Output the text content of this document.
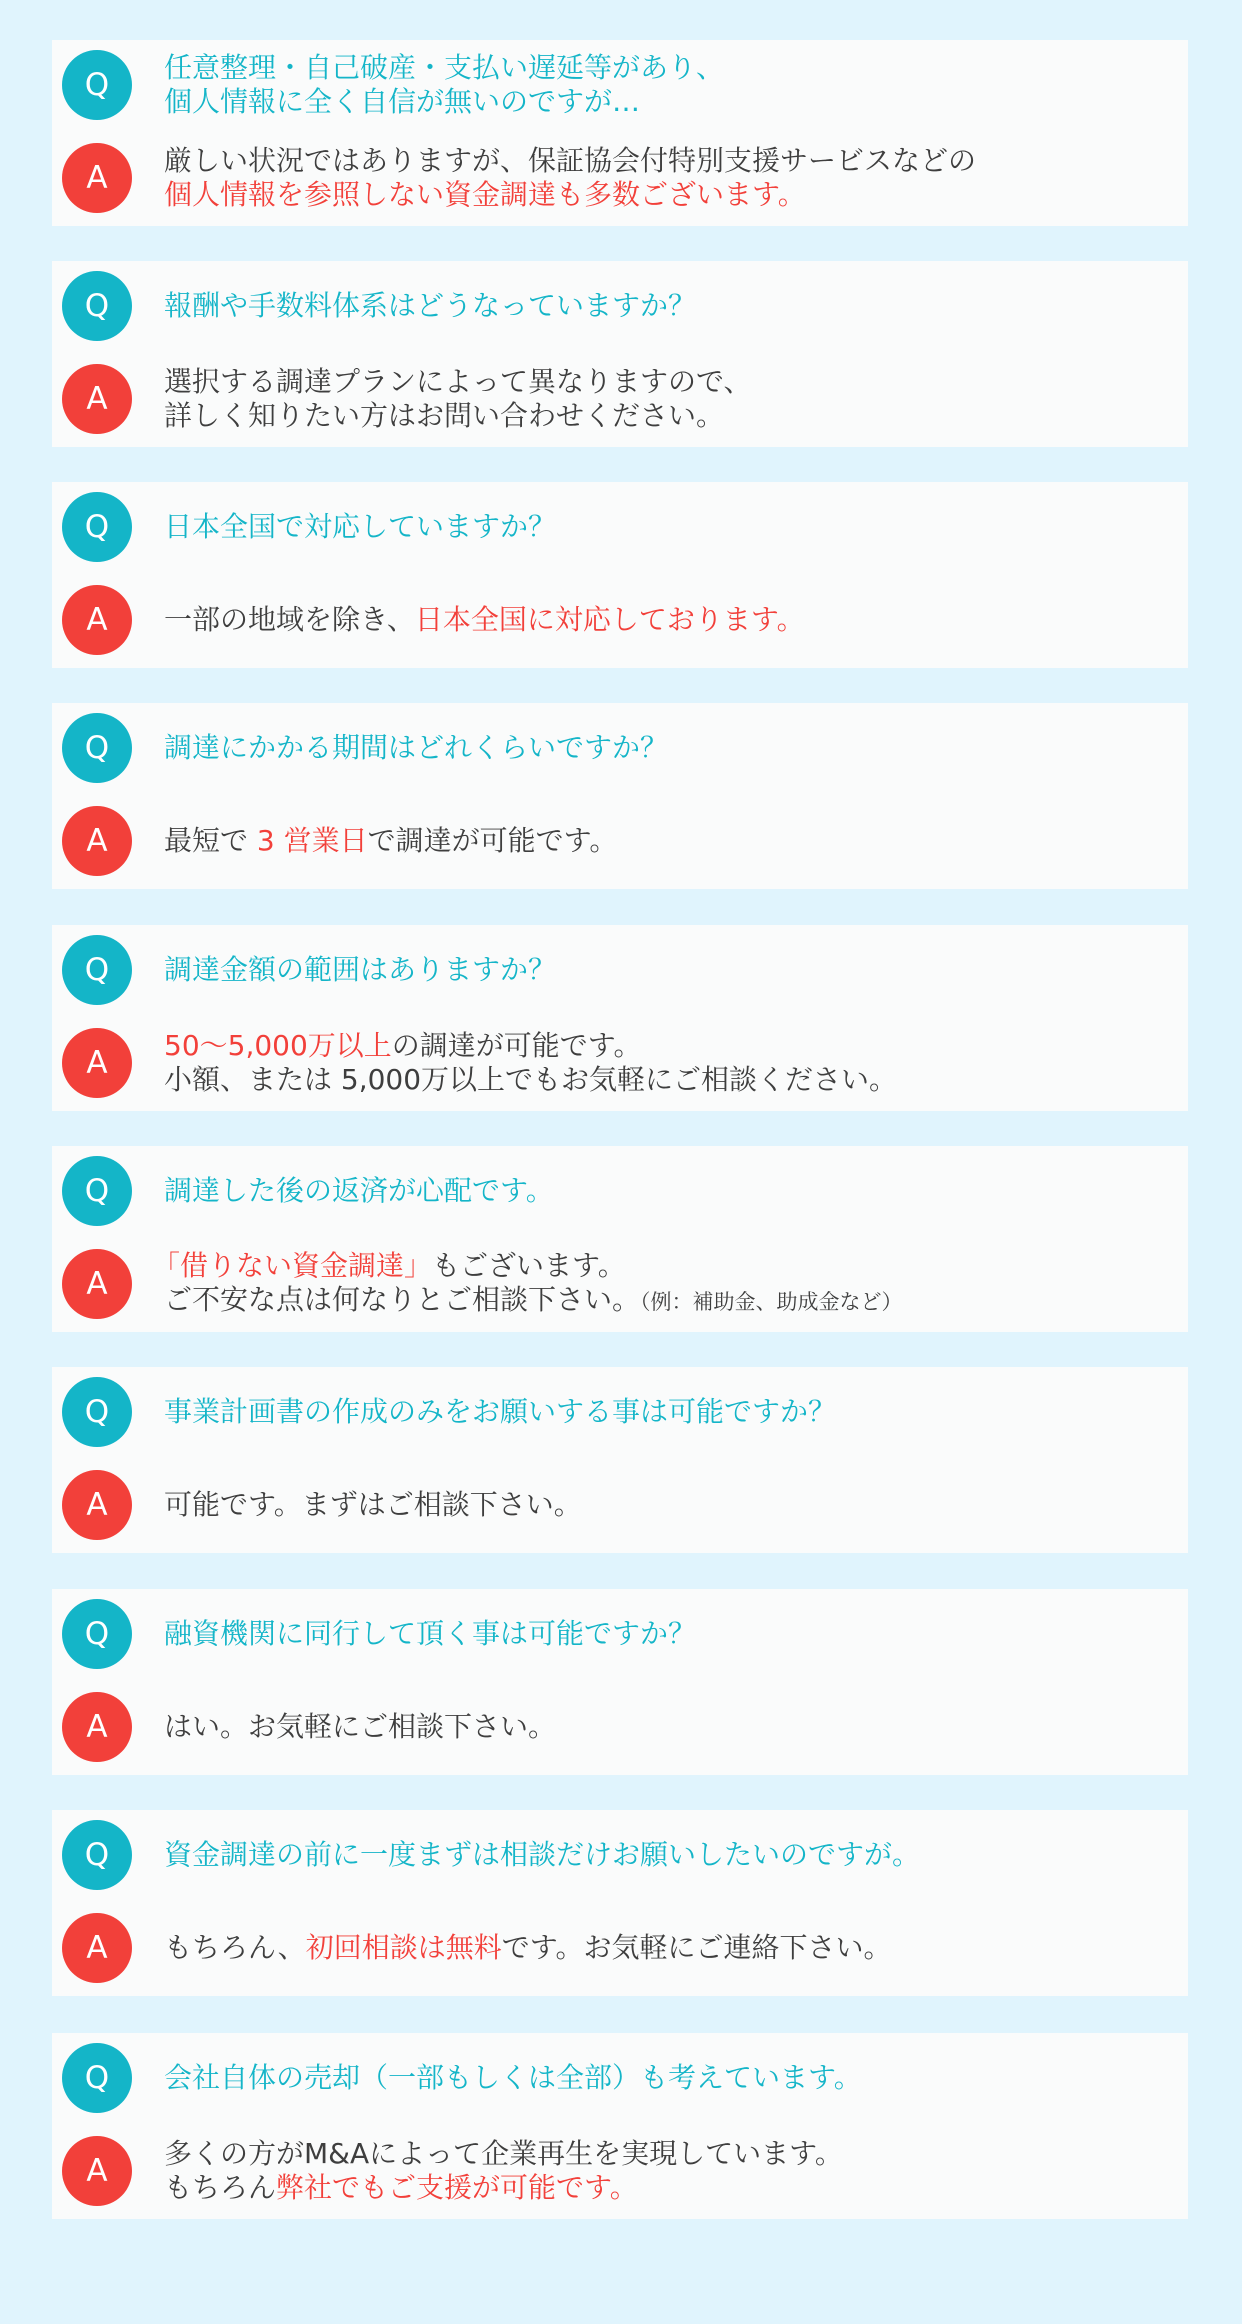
Q	任意整理・自己破産・支払い遅延等があり、
個人情報に全く自信が無いのですが…
A	厳しい状況ではありますが、保証協会付特別支援サービスなどの
個人情報を参照しない資金調達も多数ございます。
Q	報酬や手数料体系はどうなっていますか？
A	選択する調達プランによって異なりますので、
詳しく知りたい方はお問い合わせください。
Q	日本全国で対応していますか？
A	一部の地域を除き、日本全国に対応しております。
Q	調達にかかる期間はどれくらいですか？
A	最短で 3 営業日で調達が可能です。
Q	調達金額の範囲はありますか？
A	50〜5,000万以上の調達が可能です。
小額、または 5,000万以上でもお気軽にご相談ください。
Q	調達した後の返済が心配です。
A
「借りない資金調達」もございます。
ご不安な点は何なりとご相談下さい。（例：補助金、助成金など）
Q	事業計画書の作成のみをお願いする事は可能ですか？
A	可能です。まずはご相談下さい。
Q	融資機関に同行して頂く事は可能ですか？
A	はい。お気軽にご相談下さい。
Q	資金調達の前に一度まずは相談だけお願いしたいのですが。
A	もちろん、初回相談は無料です。お気軽にご連絡下さい。
Q	会社自体の売却（一部もしくは全部）も考えています。
A	多くの方がM&Aによって企業再生を実現しています。
もちろん弊社でもご支援が可能です。
